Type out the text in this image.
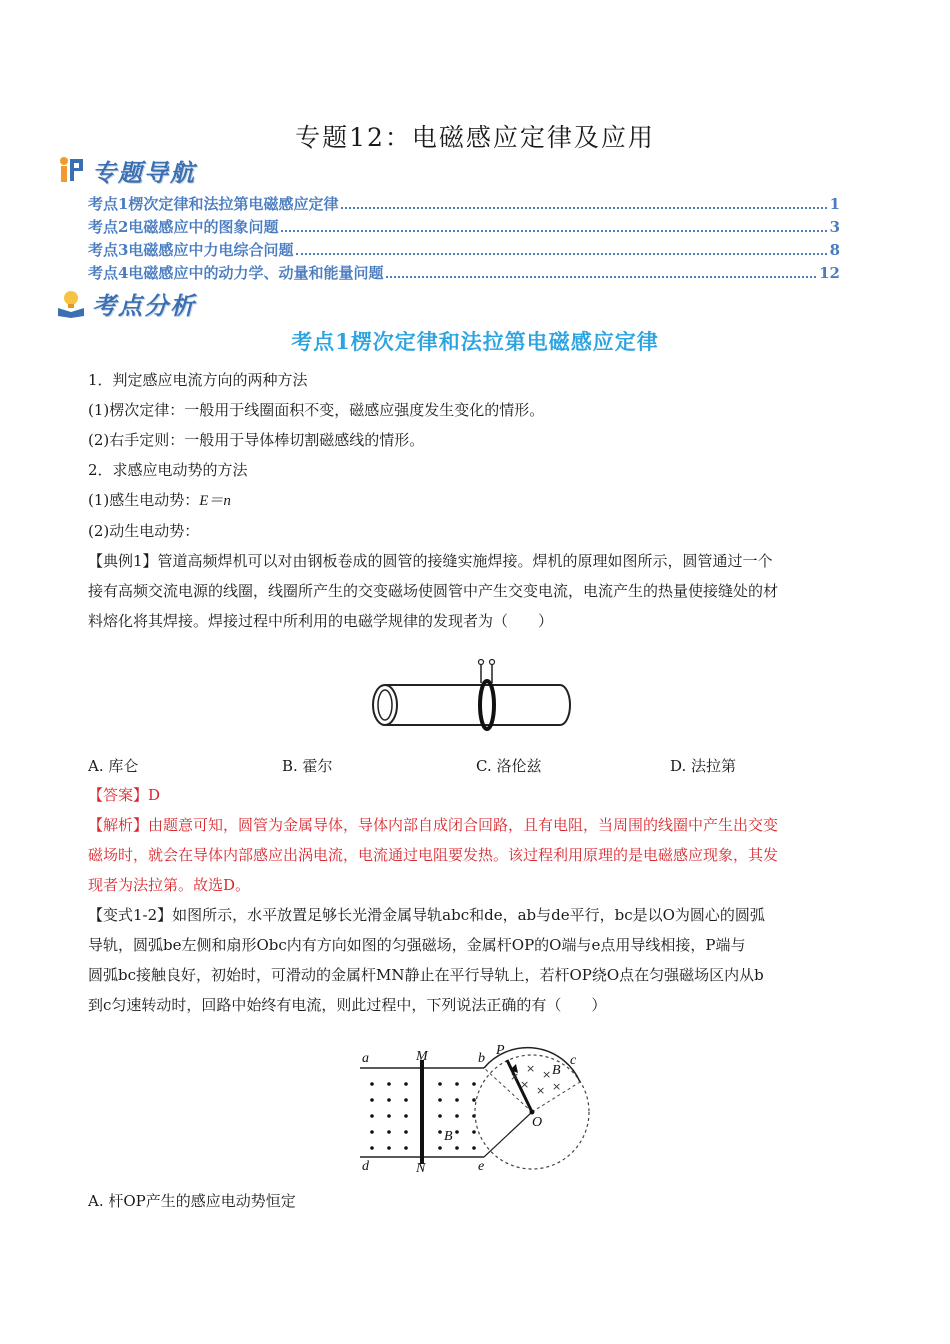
专题12：电磁感应定律及应用
专题导航
考点1楞次定律和法拉第电磁感应定律	1
考点2电磁感应中的图象问题	3
考点3电磁感应中力电综合问题	8
考点4电磁感应中的动力学、动量和能量问题	12
考点分析
考点1楞次定律和法拉第电磁感应定律
1．判定感应电流方向的两种方法
(1)楞次定律：一般用于线圈面积不变，磁感应强度发生变化的情形。
(2)右手定则：一般用于导体棒切割磁感线的情形。
2．求感应电动势的方法
(1)感生电动势：E＝n
(2)动生电动势：
【典例1】管道高频焊机可以对由钢板卷成的圆管的接缝实施焊接。焊机的原理如图所示，圆管通过一个
接有高频交流电源的线圈，线圈所产生的交变磁场使圆管中产生交变电流，电流产生的热量使接缝处的材
料熔化将其焊接。焊接过程中所利用的电磁学规律的发现者为（　　）
A. 库仑	B. 霍尔	C. 洛伦兹	D. 法拉第
【答案】D
【解析】由题意可知，圆管为金属导体，导体内部自成闭合回路，且有电阻，当周围的线圈中产生出交变
磁场时，就会在导体内部感应出涡电流，电流通过电阻要发热。该过程利用原理的是电磁感应现象，其发
现者为法拉第。故选D。
【变式1-2】如图所示，水平放置足够长光滑金属导轨abc和de，ab与de平行，bc是以O为圆心的圆弧
导轨，圆弧be左侧和扇形Obc内有方向如图的匀强磁场，金属杆OP的O端与e点用导线相接，P端与
圆弧bc接触良好，初始时，可滑动的金属杆MN静止在平行导轨上，若杆OP绕O点在匀强磁场区内从b
到c匀速转动时，回路中始终有电流，则此过程中，下列说法正确的有（　　）
×
× ×
× × ×
a	M	b
P
c
B
O
B
d	N	e
A. 杆OP产生的感应电动势恒定
